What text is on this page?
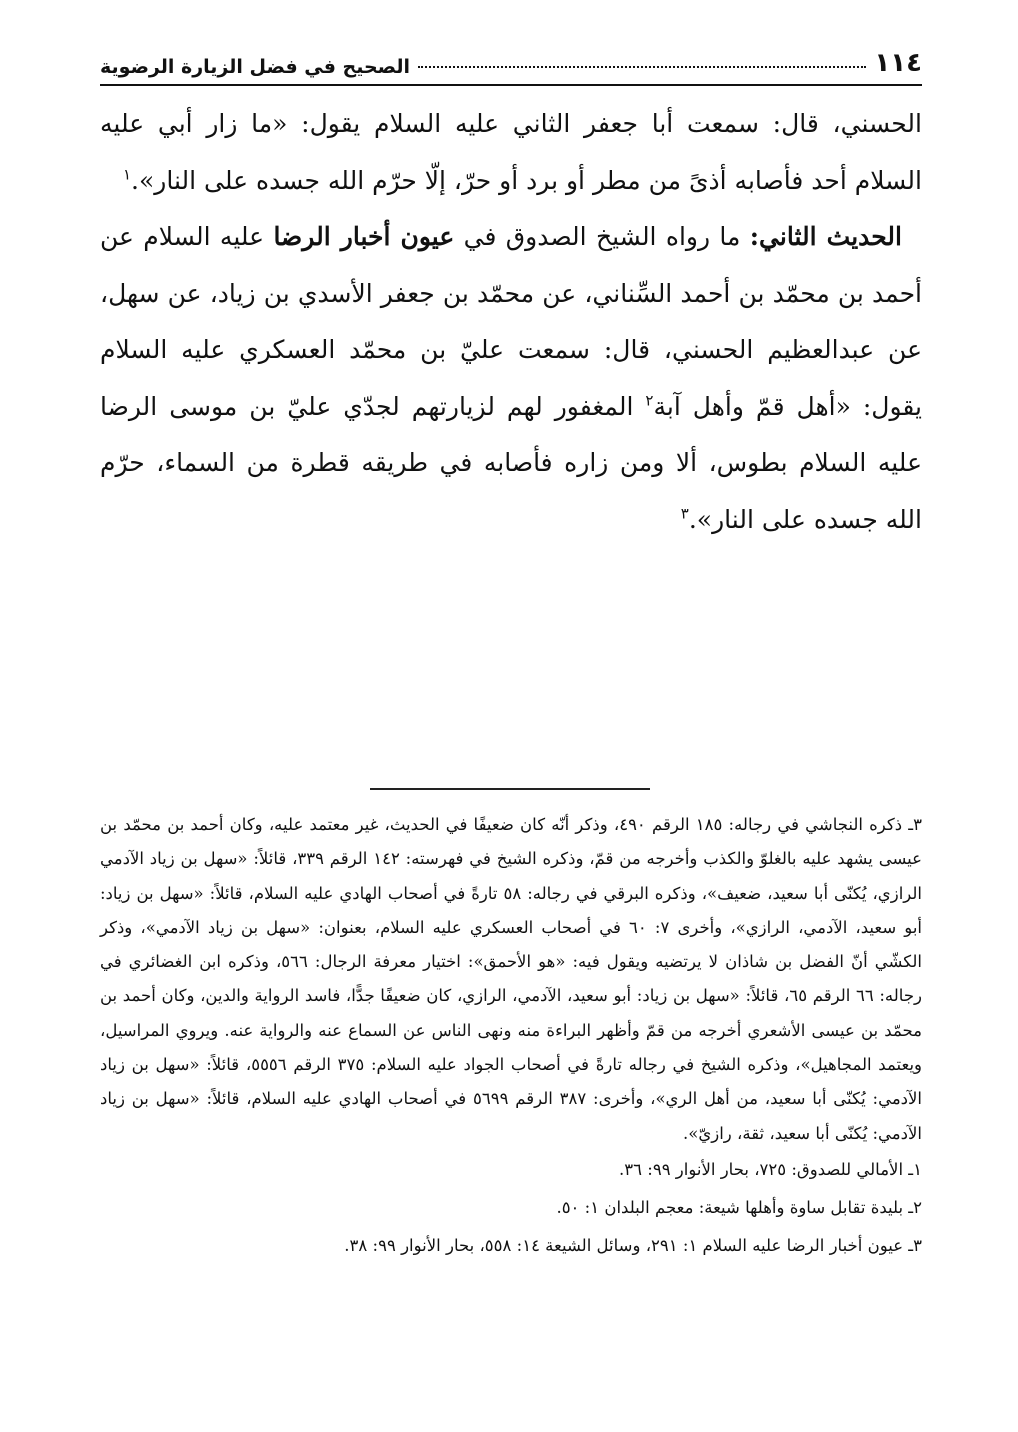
١١٤
الصحيح في فضل الزيارة الرضوية

الحسني، قال: سمعت أبا جعفر الثاني عليه السلام يقول: «ما زار أبي عليه السلام أحد فأصابه أذىً من مطر أو برد أو حرّ، إلّا حرّم الله جسده على النار».$^١$

الحديث الثاني: ما رواه الشيخ الصدوق في عيون أخبار الرضا عليه السلام عن أحمد بن محمّد بن أحمد السِّناني، عن محمّد بن جعفر الأسدي بن زياد، عن سهل، عن عبدالعظيم الحسني، قال: سمعت عليّ بن محمّد العسكري عليه السلام يقول: «أهل قمّ وأهل آبة$^٢$ المغفور لهم لزيارتهم لجدّي عليّ بن موسى الرضا عليه السلام بطوس، ألا ومن زاره فأصابه في طريقه قطرة من السماء، حرّم الله جسده على النار».$^٣$

٣ـ ذكره النجاشي في رجاله: ١٨٥ الرقم ٤٩٠، وذكر أنّه كان ضعيفًا في الحديث، غير معتمد عليه، وكان أحمد بن محمّد بن عيسى يشهد عليه بالغلوّ والكذب وأخرجه من قمّ، وذكره الشيخ في فهرسته: ١٤٢ الرقم ٣٣٩، قائلاً: «سهل بن زياد الآدمي الرازي، يُكنّى أبا سعيد، ضعيف»، وذكره البرقي في رجاله: ٥٨ تارةً في أصحاب الهادي عليه السلام، قائلاً: «سهل بن زياد: أبو سعيد، الآدمي، الرازي»، وأخرى ٧: ٦٠ في أصحاب العسكري عليه السلام، بعنوان: «سهل بن زياد الآدمي»، وذكر الكشّي أنّ الفضل بن شاذان لا يرتضيه ويقول فيه: «هو الأحمق»: اختيار معرفة الرجال: ٥٦٦، وذكره ابن الغضائري في رجاله: ٦٦ الرقم ٦٥، قائلاً: «سهل بن زياد: أبو سعيد، الآدمي، الرازي، كان ضعيفًا جدًّا، فاسد الرواية والدين، وكان أحمد بن محمّد بن عيسى الأشعري أخرجه من قمّ وأظهر البراءة منه ونهى الناس عن السماع عنه والرواية عنه. ويروي المراسيل، ويعتمد المجاهيل»، وذكره الشيخ في رجاله تارةً في أصحاب الجواد عليه السلام: ٣٧٥ الرقم ٥٥٥٦، قائلاً: «سهل بن زياد الآدمي: يُكنّى أبا سعيد، من أهل الري»، وأخرى: ٣٨٧ الرقم ٥٦٩٩ في أصحاب الهادي عليه السلام، قائلاً: «سهل بن زياد الآدمي: يُكنّى أبا سعيد، ثقة، رازيّ».

١ـ الأمالي للصدوق: ٧٢٥، بحار الأنوار ٩٩: ٣٦.

٢ـ بليدة تقابل ساوة وأهلها شيعة: معجم البلدان ١: ٥٠.

٣ـ عيون أخبار الرضا عليه السلام ١: ٢٩١، وسائل الشيعة ١٤: ٥٥٨، بحار الأنوار ٩٩: ٣٨.
